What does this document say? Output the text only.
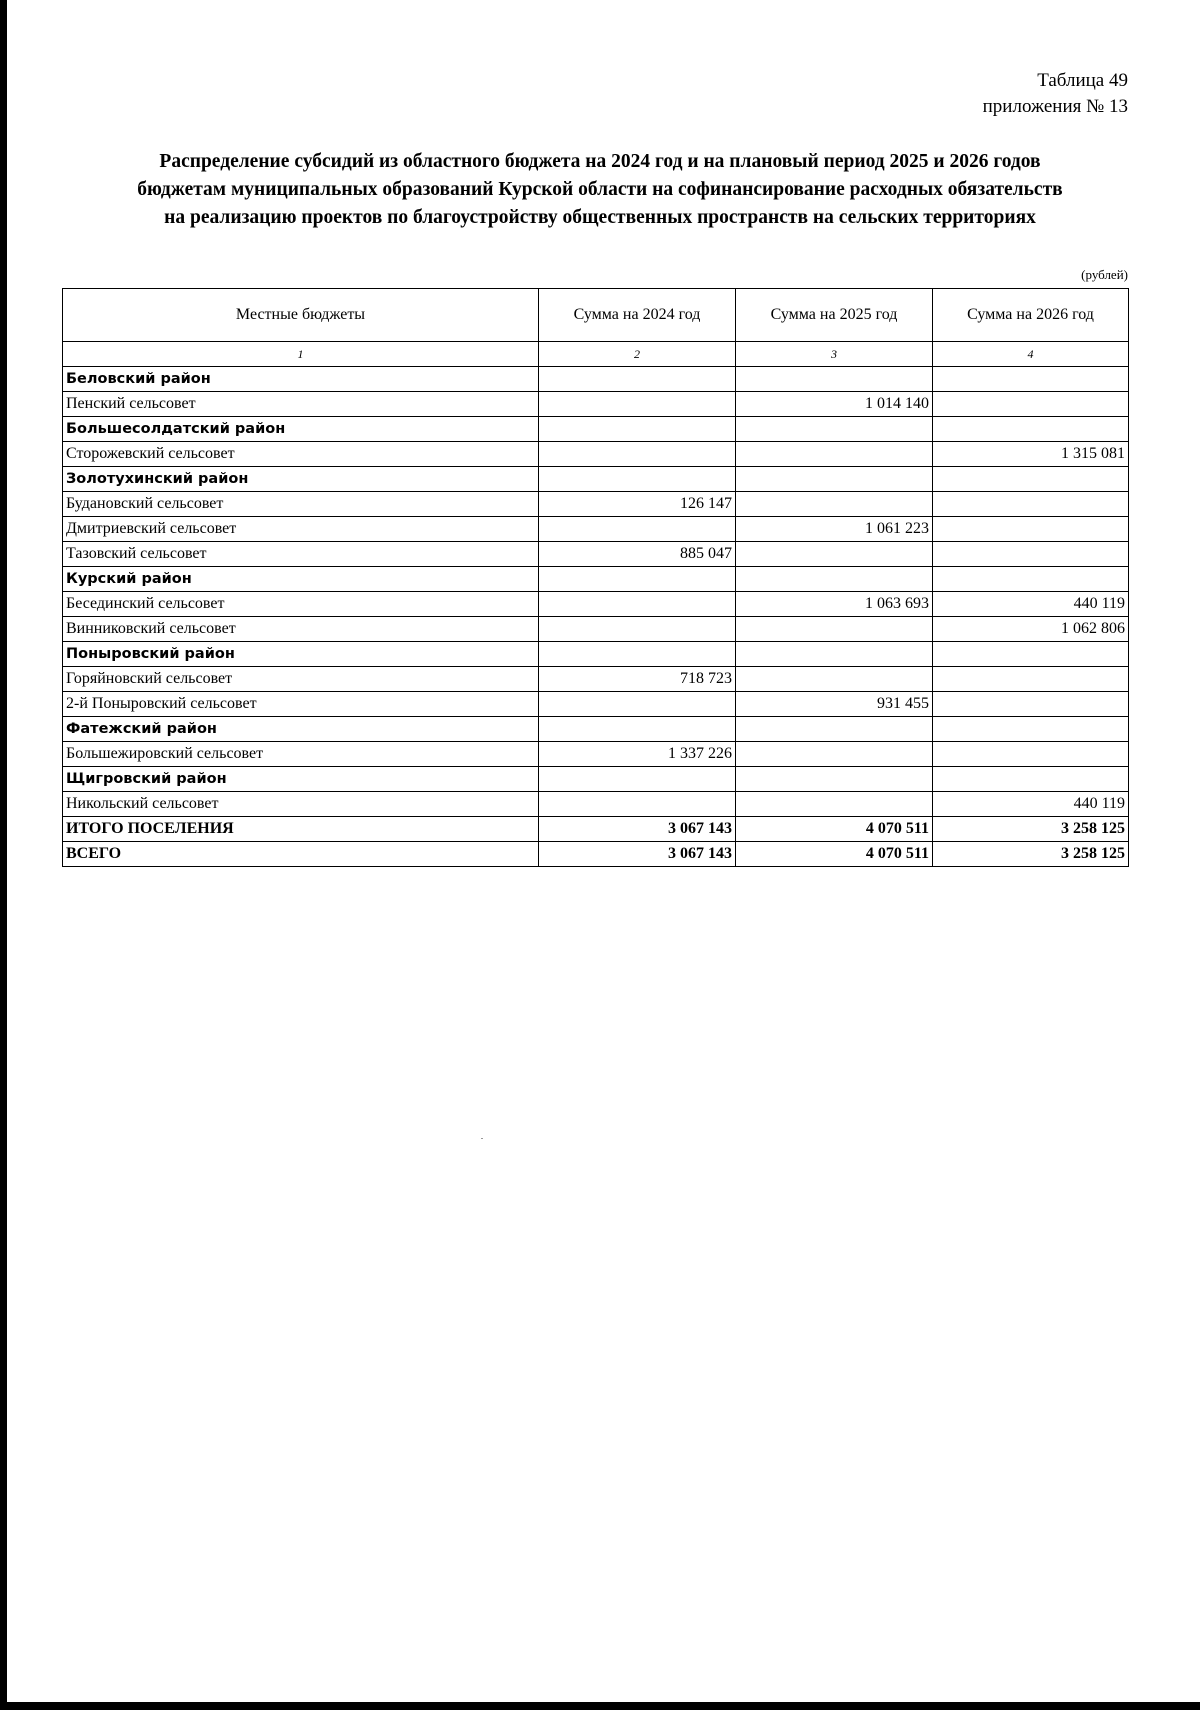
Таблица 49
приложения № 13
Распределение субсидий из областного бюджета на 2024 год и на плановый период 2025 и 2026 годов
бюджетам муниципальных образований Курской области на софинансирование расходных обязательств
на реализацию проектов по благоустройству общественных пространств на сельских территориях
(рублей)
Местные бюджеты	Сумма на 2024 год	Сумма на 2025 год	Сумма на 2026 год
1	2	3	4
Беловский район			
Пенский сельсовет		1 014 140	
Большесолдатский район			
Сторожевский сельсовет			1 315 081
Золотухинский район			
Будановский сельсовет	126 147		
Дмитриевский сельсовет		1 061 223	
Тазовский сельсовет	885 047		
Курский район			
Бесединский сельсовет		1 063 693	440 119
Винниковский сельсовет			1 062 806
Поныровский район			
Горяйновский сельсовет	718 723		
2-й Поныровский сельсовет		931 455	
Фатежский район			
Большежировский сельсовет	1 337 226		
Щигровский район			
Никольский сельсовет			440 119
ИТОГО ПОСЕЛЕНИЯ	3 067 143	4 070 511	3 258 125
ВСЕГО	3 067 143	4 070 511	3 258 125
